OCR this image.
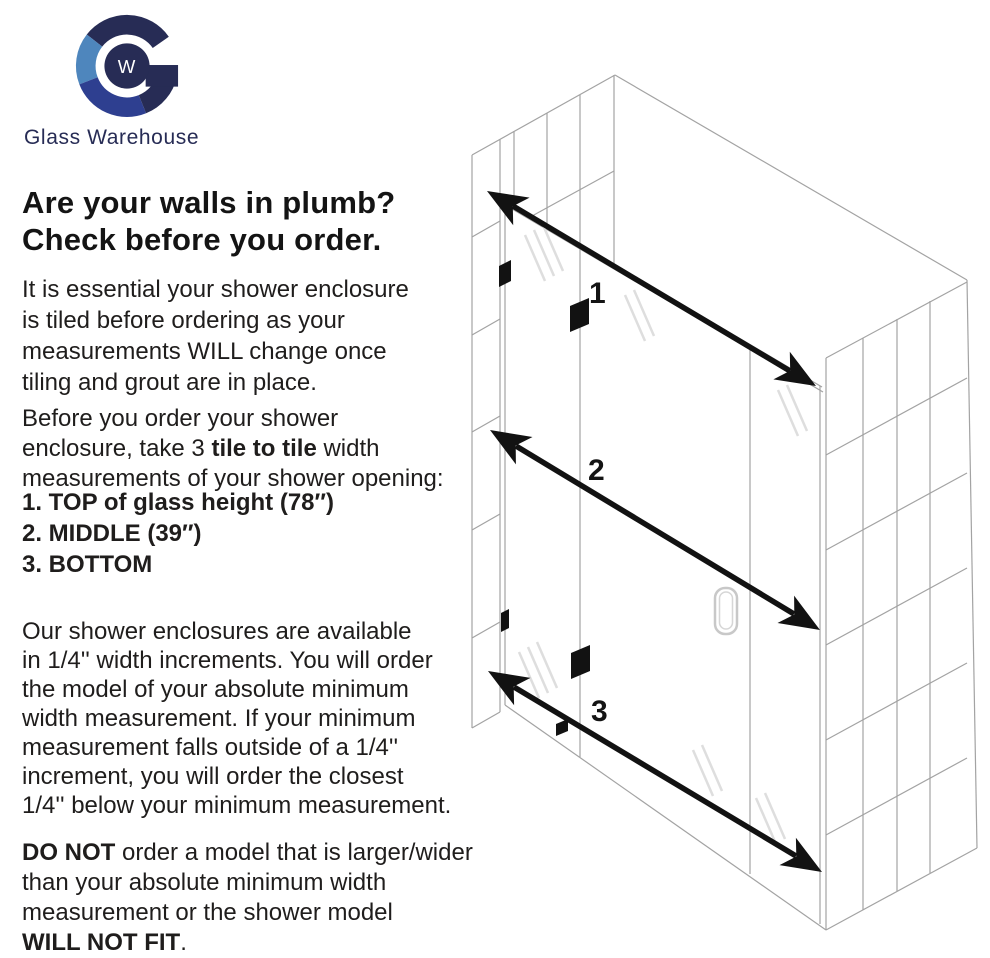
1
2
3
W
Glass Warehouse
Are your walls in plumb?
Check before you order.
It is essential your shower enclosure
is tiled before ordering as your
measurements WILL change once
tiling and grout are in place.
Before you order your shower
enclosure, take 3 tile to tile width
measurements of your shower opening:
1. TOP of glass height (78″)
2. MIDDLE (39″)
3. BOTTOM
Our shower enclosures are available
in 1/4'' width increments. You will order
the model of your absolute minimum
width measurement. If your minimum
measurement falls outside of a 1/4''
increment, you will order the closest
1/4'' below your minimum measurement.
DO NOT order a model that is larger/wider
than your absolute minimum width
measurement or the shower model
WILL NOT FIT.
